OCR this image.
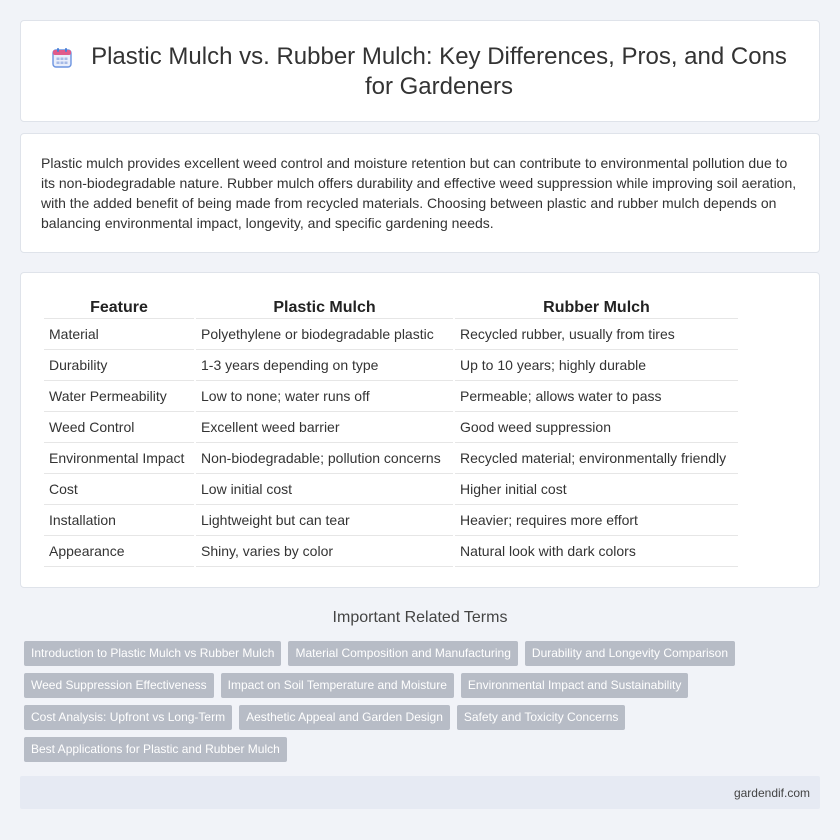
Plastic Mulch vs. Rubber Mulch: Key Differences, Pros, and Cons for Gardeners

Plastic mulch provides excellent weed control and moisture retention but can contribute to environmental pollution due to its non-biodegradable nature. Rubber mulch offers durability and effective weed suppression while improving soil aeration, with the added benefit of being made from recycled materials. Choosing between plastic and rubber mulch depends on balancing environmental impact, longevity, and specific gardening needs.

Feature	Plastic Mulch	Rubber Mulch
Material	Polyethylene or biodegradable plastic	Recycled rubber, usually from tires
Durability	1-3 years depending on type	Up to 10 years; highly durable
Water Permeability	Low to none; water runs off	Permeable; allows water to pass
Weed Control	Excellent weed barrier	Good weed suppression
Environmental Impact	Non-biodegradable; pollution concerns	Recycled material; environmentally friendly
Cost	Low initial cost	Higher initial cost
Installation	Lightweight but can tear	Heavier; requires more effort
Appearance	Shiny, varies by color	Natural look with dark colors
Important Related Terms
Introduction to Plastic Mulch vs Rubber Mulch	Material Composition and Manufacturing	Durability and Longevity Comparison
Weed Suppression Effectiveness	Impact on Soil Temperature and Moisture	Environmental Impact and Sustainability
Cost Analysis: Upfront vs Long-Term	Aesthetic Appeal and Garden Design	Safety and Toxicity Concerns
Best Applications for Plastic and Rubber Mulch
gardendif.com
